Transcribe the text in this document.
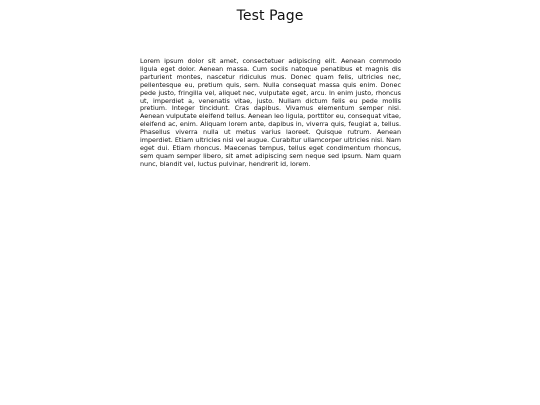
Test Page

Lorem ipsum dolor sit amet, consectetuer adipiscing elit. Aenean commodo ligula eget dolor. Aenean massa. Cum sociis natoque penatibus et magnis dis parturient montes, nascetur ridiculus mus. Donec quam felis, ultricies nec, pellentesque eu, pretium quis, sem. Nulla consequat massa quis enim. Donec pede justo, fringilla vel, aliquet nec, vulputate eget, arcu. In enim justo, rhoncus ut, imperdiet a, venenatis vitae, justo. Nullam dictum felis eu pede mollis pretium. Integer tincidunt. Cras dapibus. Vivamus elementum semper nisi. Aenean vulputate eleifend tellus. Aenean leo ligula, porttitor eu, consequat vitae, eleifend ac, enim. Aliquam lorem ante, dapibus in, viverra quis, feugiat a, tellus. Phasellus viverra nulla ut metus varius laoreet. Quisque rutrum. Aenean imperdiet. Etiam ultricies nisi vel augue. Curabitur ullamcorper ultricies nisi. Nam eget dui. Etiam rhoncus. Maecenas tempus, tellus eget condimentum rhoncus, sem quam semper libero, sit amet adipiscing sem neque sed ipsum. Nam quam nunc, blandit vel, luctus pulvinar, hendrerit id, lorem.
